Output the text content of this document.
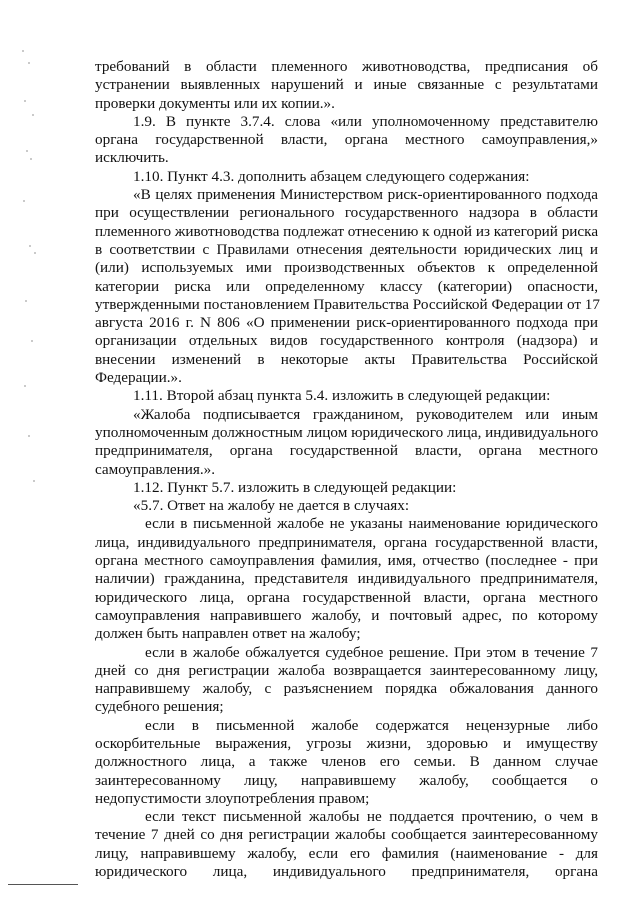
требований в области племенного животноводства, предписания об
устранении выявленных нарушений и иные связанные с результатами
проверки документы или их копии.».
1.9. В пункте 3.7.4. слова «или уполномоченному представителю
органа государственной власти, органа местного самоуправления,»
исключить.
1.10. Пункт 4.3. дополнить абзацем следующего содержания:
«В целях применения Министерством риск-ориентированного подхода
при осуществлении регионального государственного надзора в области
племенного животноводства подлежат отнесению к одной из категорий риска
в соответствии с Правилами отнесения деятельности юридических лиц и
(или) используемых ими производственных объектов к определенной
категории риска или определенному классу (категории) опасности,
утвержденными постановлением Правительства Российской Федерации от 17
августа 2016 г. N 806 «О применении риск-ориентированного подхода при
организации отдельных видов государственного контроля (надзора) и
внесении изменений в некоторые акты Правительства Российской
Федерации.».
1.11. Второй абзац пункта 5.4. изложить в следующей редакции:
«Жалоба подписывается гражданином, руководителем или иным
уполномоченным должностным лицом юридического лица, индивидуального
предпринимателя, органа государственной власти, органа местного
самоуправления.».
1.12. Пункт 5.7. изложить в следующей редакции:
«5.7. Ответ на жалобу не дается в случаях:
если в письменной жалобе не указаны наименование юридического
лица, индивидуального предпринимателя, органа государственной власти,
органа местного самоуправления фамилия, имя, отчество (последнее - при
наличии) гражданина, представителя индивидуального предпринимателя,
юридического лица, органа государственной власти, органа местного
самоуправления направившего жалобу, и почтовый адрес, по которому
должен быть направлен ответ на жалобу;
если в жалобе обжалуется судебное решение. При этом в течение 7
дней со дня регистрации жалоба возвращается заинтересованному лицу,
направившему жалобу, с разъяснением порядка обжалования данного
судебного решения;
если в письменной жалобе содержатся нецензурные либо
оскорбительные выражения, угрозы жизни, здоровью и имуществу
должностного лица, а также членов его семьи. В данном случае
заинтересованному лицу, направившему жалобу, сообщается о
недопустимости злоупотребления правом;
если текст письменной жалобы не поддается прочтению, о чем в
течение 7 дней со дня регистрации жалобы сообщается заинтересованному
лицу, направившему жалобу, если его фамилия (наименование - для
юридического лица, индивидуального предпринимателя, органа
